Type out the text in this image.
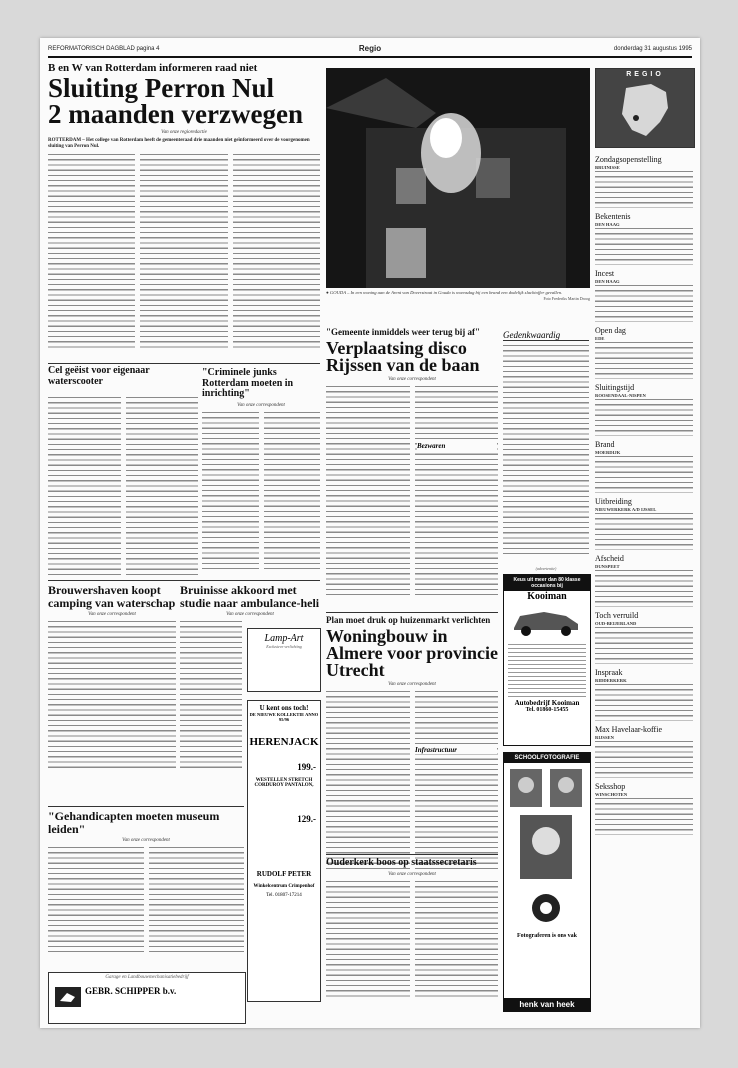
REFORMATORISCH DAGBLAD pagina 4	Regio	donderdag 31 augustus 1995
B en W van Rotterdam informeren raad niet
Sluiting Perron Nul
2 maanden verzwegen
Van onze regioredactie
ROTTERDAM – Het college van Rotterdam heeft de gemeenteraad drie maanden niet geïnformeerd over de voorgenomen sluiting van Perron Nul.
● GOUDA – In een woning aan de Arent van Doverstraat in Gouda is woensdag bij een brand een dodelijk slachtoffer gevallen.
Foto Frederiks Martin Droog
REGIO
Zondagsopenstelling
BRUINISSE
Bekentenis
DEN HAAG
Incest
DEN HAAG
Open dag
EDE
Sluitingstijd
ROOSENDAAL-NISPEN
Brand
MOERDIJK
Uitbreiding
NIEUWERKERK A/D IJSSEL
Afscheid
DUNSPEET
Toch verruild
OUD-BEIJERLAND
Inspraak
RIDDERKERK
Max Havelaar-koffie
RIJSSEN
Seksshop
WINSCHOTEN
Cel geëist voor eigenaar waterscooter

"Criminele junks Rotterdam moeten in inrichting"
Van onze correspondent
"Gemeente inmiddels weer terug bij af"
Verplaatsing disco Rijssen van de baan
Van onze correspondent
Bezwaren
Gedenkwaardig
(advertentie)
Keus uit meer dan 80 klasse occasions bij
Kooiman
Autobedrijf Kooiman
Tel. 01860-15455
Brouwershaven koopt camping van waterschap
Van onze correspondent
Bruinisse akkoord met studie naar ambulance-heli
Van onze correspondent
Lamp-Art
Exclusieve verlichting
Plan moet druk op huizenmarkt verlichten
Woningbouw in Almere voor provincie Utrecht
Van onze correspondent
Infrastructuur
Ouderkerk boos op staatssecretaris
Van onze correspondent
U kent ons toch!
DE NIEUWE KOLLEKTIE ANNO 95/96
HERENJACK
199.-
WESTELLEN STRETCH CORDUROY PANTALON,
129.-
RUDOLF PETER
Winkelcentrum Crimpenhof
Tel. 01807-17214
"Gehandicapten moeten museum leiden"
Van onze correspondent
Garage en Landbouwmechanisatiebedrijf
GEBR. SCHIPPER b.v.
SCHOOLFOTOGRAFIE

Fotograferen is ons vak
henk van heek
